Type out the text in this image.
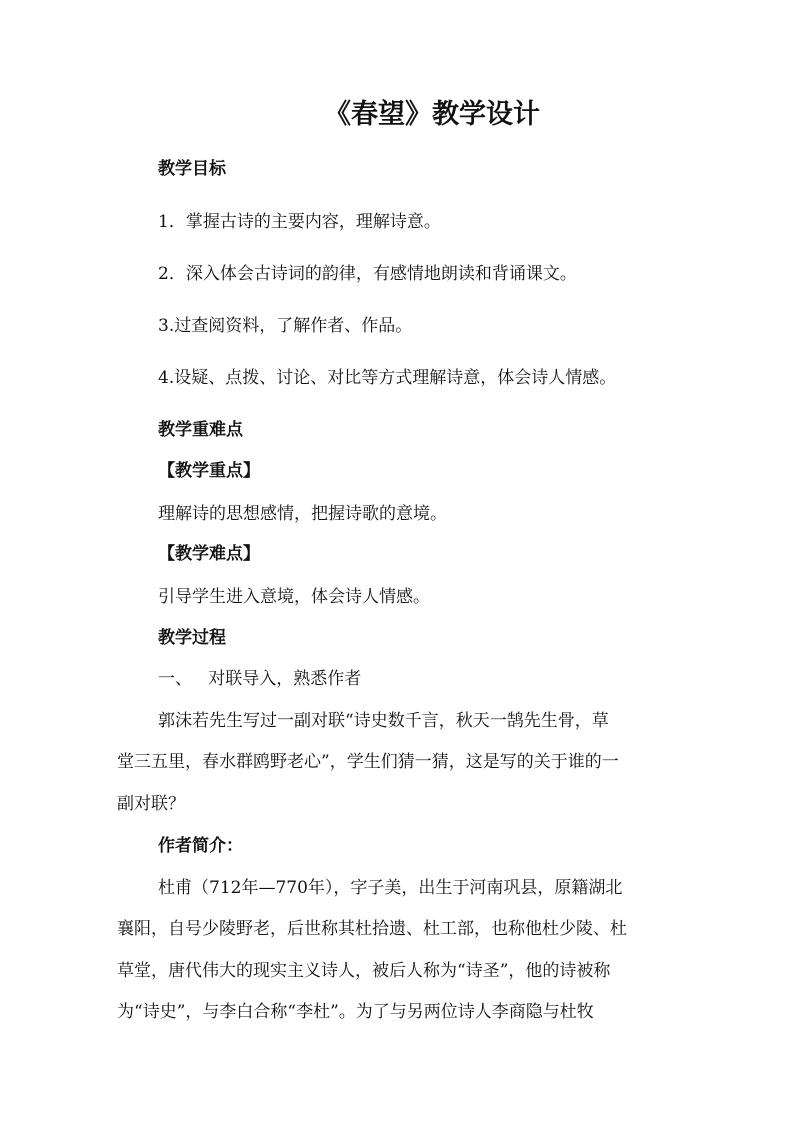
《春望》教学设计
教学目标
1．掌握古诗的主要内容，理解诗意。
2．深入体会古诗词的韵律，有感情地朗读和背诵课文。
3.过查阅资料，了解作者、作品。
4.设疑、点拨、讨论、对比等方式理解诗意，体会诗人情感。
教学重难点
【教学重点】
理解诗的思想感情，把握诗歌的意境。
【教学难点】
引导学生进入意境，体会诗人情感。
教学过程
一、   对联导入，熟悉作者
郭沫若先生写过一副对联“诗史数千言，秋天一鹄先生骨，草
堂三五里，春水群鸥野老心”，学生们猜一猜，这是写的关于谁的一
副对联？
作者简介：
杜甫（712年—770年），字子美，出生于河南巩县，原籍湖北
襄阳，自号少陵野老，后世称其杜拾遗、杜工部，也称他杜少陵、杜
草堂，唐代伟大的现实主义诗人，被后人称为“诗圣”，他的诗被称
为“诗史”，与李白合称“李杜”。为了与另两位诗人李商隐与杜牧
